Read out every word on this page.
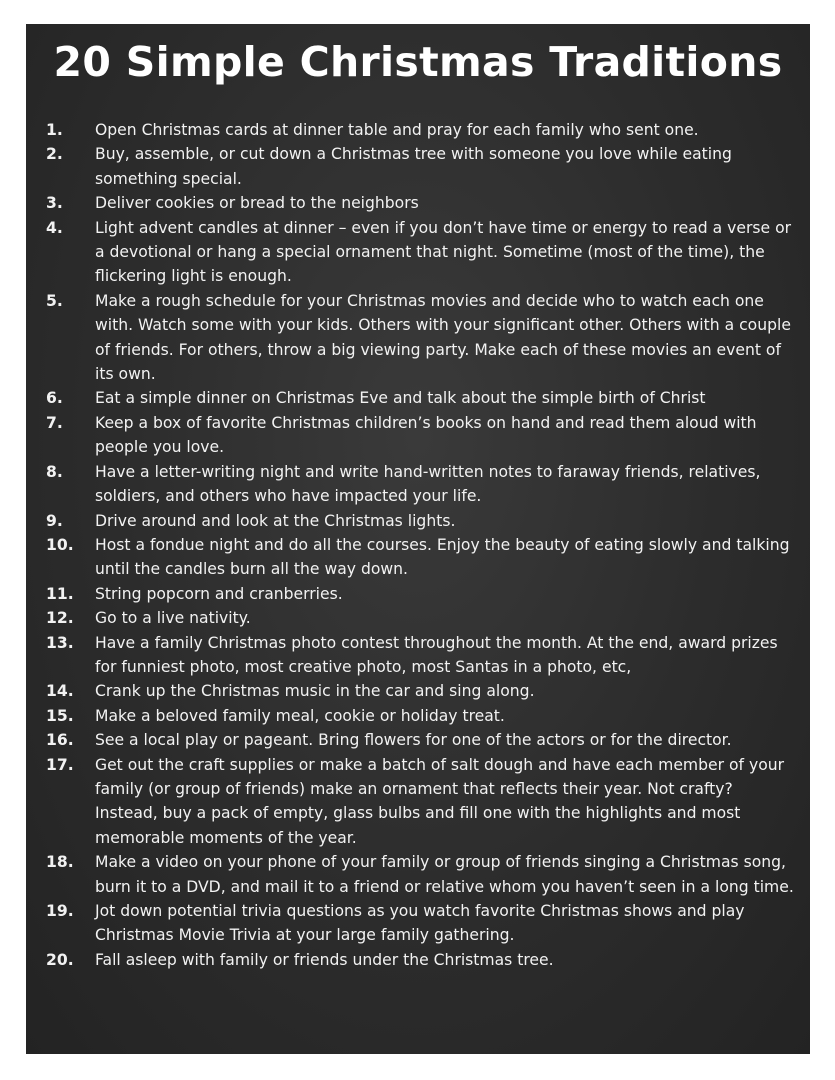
20 Simple Christmas Traditions
1.	Open Christmas cards at dinner table and pray for each family who sent one.
2.	Buy, assemble, or cut down a Christmas tree with someone you love while eating something special.
3.	Deliver cookies or bread to the neighbors
4.	Light advent candles at dinner – even if you don’t have time or energy to read a verse or a devotional or hang a special ornament that night. Sometime (most of the time), the flickering light is enough.
5.	Make a rough schedule for your Christmas movies and decide who to watch each one with. Watch some with your kids. Others with your significant other. Others with a couple of friends. For others, throw a big viewing party. Make each of these movies an event of its own.
6.	Eat a simple dinner on Christmas Eve and talk about the simple birth of Christ
7.	Keep a box of favorite Christmas children’s books on hand and read them aloud with people you love.
8.	Have a letter-writing night and write hand-written notes to faraway friends, relatives, soldiers, and others who have impacted your life.
9.	Drive around and look at the Christmas lights.
10.	Host a fondue night and do all the courses. Enjoy the beauty of eating slowly and talking until the candles burn all the way down.
11.	String popcorn and cranberries.
12.	Go to a live nativity.
13.	Have a family Christmas photo contest throughout the month. At the end, award prizes for funniest photo, most creative photo, most Santas in a photo, etc,
14.	Crank up the Christmas music in the car and sing along.
15.	Make a beloved family meal, cookie or holiday treat.
16.	See a local play or pageant. Bring flowers for one of the actors or for the director.
17.	Get out the craft supplies or make a batch of salt dough and have each member of your family (or group of friends) make an ornament that reflects their year. Not crafty? Instead, buy a pack of empty, glass bulbs and fill one with the highlights and most memorable moments of the year.
18.	Make a video on your phone of your family or group of friends singing a Christmas song, burn it to a DVD, and mail it to a friend or relative whom you haven’t seen in a long time.
19.	Jot down potential trivia questions as you watch favorite Christmas shows and play Christmas Movie Trivia at your large family gathering.
20.	Fall asleep with family or friends under the Christmas tree.
